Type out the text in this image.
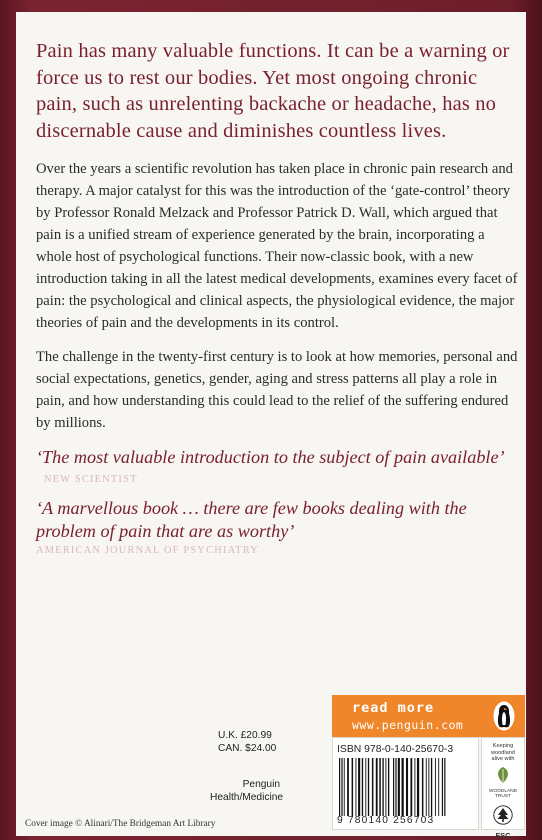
Pain has many valuable functions. It can be a warning or force us to rest our bodies. Yet most ongoing chronic pain, such as unrelenting backache or headache, has no discernable cause and diminishes countless lives.

Over the years a scientific revolution has taken place in chronic pain research and therapy. A major catalyst for this was the introduction of the ‘gate-control’ theory by Professor Ronald Melzack and Professor Patrick D. Wall, which argued that pain is a unified stream of experience generated by the brain, incorporating a whole host of psychological functions. Their now-classic book, with a new introduction taking in all the latest medical developments, examines every facet of pain: the psychological and clinical aspects, the physiological evidence, the major theories of pain and the developments in its control.

The challenge in the twenty-first century is to look at how memories, personal and social expectations, genetics, gender, aging and stress patterns all play a role in pain, and how understanding this could lead to the relief of the suffering endured by millions.

‘The most valuable introduction to the subject of pain available’ NEW SCIENTIST
‘A marvellous book … there are few books dealing with the problem of pain that are as worthy’
AMERICAN JOURNAL OF PSYCHIATRY
U.K. £20.99
CAN. $24.00
Penguin
Health/Medicine
Cover image © Alinari/The Bridgeman Art Library
read more
www.penguin.com
ISBN 978-0-140-25670-3
9 780140 256703
Keeping
woodland
alive with
WOODLAND
TRUST
FSC
